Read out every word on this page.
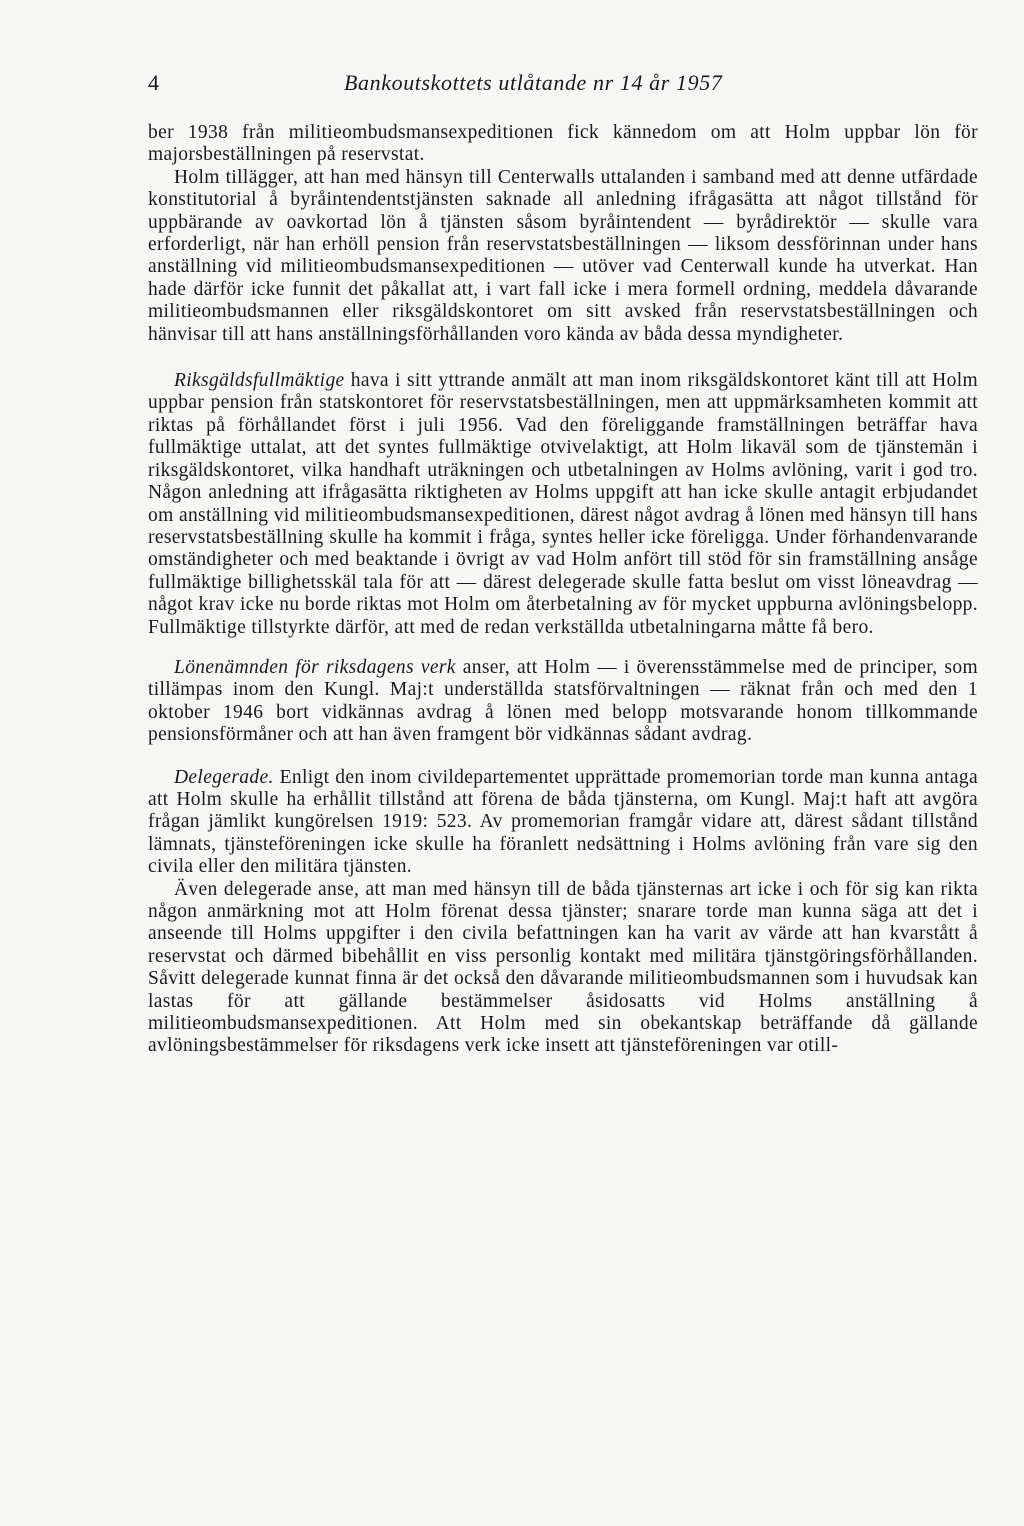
4	Bankoutskottets utlåtande nr 14 år 1957

ber 1938 från militieombudsmansexpeditionen fick kännedom om att Holm uppbar lön för majorsbeställningen på reservstat.

Holm tillägger, att han med hänsyn till Centerwalls uttalanden i samband med att denne utfärdade konstitutorial å byråintendentstjänsten saknade all anledning ifrågasätta att något tillstånd för uppbärande av oavkortad lön å tjänsten såsom byråintendent — byrådirektör — skulle vara erforderligt, när han erhöll pension från reservstatsbeställningen — liksom dessförinnan under hans anställning vid militieombudsmansexpeditionen — utöver vad Centerwall kunde ha utverkat. Han hade därför icke funnit det påkallat att, i vart fall icke i mera formell ordning, meddela dåvarande militieombudsmannen eller riksgäldskontoret om sitt avsked från reservstatsbeställningen och hänvisar till att hans anställningsförhållanden voro kända av båda dessa myndigheter.

Riksgäldsfullmäktige hava i sitt yttrande anmält att man inom riksgäldskontoret känt till att Holm uppbar pension från statskontoret för reservstatsbeställningen, men att uppmärksamheten kommit att riktas på förhållandet först i juli 1956. Vad den föreliggande framställningen beträffar hava fullmäktige uttalat, att det syntes fullmäktige otvivelaktigt, att Holm likaväl som de tjänstemän i riksgäldskontoret, vilka handhaft uträkningen och utbetalningen av Holms avlöning, varit i god tro. Någon anledning att ifrågasätta riktigheten av Holms uppgift att han icke skulle antagit erbjudandet om anställning vid militieombudsmansexpeditionen, därest något avdrag å lönen med hänsyn till hans reservstatsbeställning skulle ha kommit i fråga, syntes heller icke föreligga. Under förhandenvarande omständigheter och med beaktande i övrigt av vad Holm anfört till stöd för sin framställning ansåge fullmäktige billighetsskäl tala för att — därest delegerade skulle fatta beslut om visst löneavdrag — något krav icke nu borde riktas mot Holm om återbetalning av för mycket uppburna avlöningsbelopp. Fullmäktige tillstyrkte därför, att med de redan verkställda utbetalningarna måtte få bero.

Lönenämnden för riksdagens verk anser, att Holm — i överensstämmelse med de principer, som tillämpas inom den Kungl. Maj:t underställda statsförvaltningen — räknat från och med den 1 oktober 1946 bort vidkännas avdrag å lönen med belopp motsvarande honom tillkommande pensionsförmåner och att han även framgent bör vidkännas sådant avdrag.

Delegerade. Enligt den inom civildepartementet upprättade promemorian torde man kunna antaga att Holm skulle ha erhållit tillstånd att förena de båda tjänsterna, om Kungl. Maj:t haft att avgöra frågan jämlikt kungörelsen 1919: 523. Av promemorian framgår vidare att, därest sådant tillstånd lämnats, tjänsteföreningen icke skulle ha föranlett nedsättning i Holms avlöning från vare sig den civila eller den militära tjänsten.

Även delegerade anse, att man med hänsyn till de båda tjänsternas art icke i och för sig kan rikta någon anmärkning mot att Holm förenat dessa tjänster; snarare torde man kunna säga att det i anseende till Holms uppgifter i den civila befattningen kan ha varit av värde att han kvarstått å reservstat och därmed bibehållit en viss personlig kontakt med militära tjänstgöringsförhållanden. Såvitt delegerade kunnat finna är det också den dåvarande militieombudsmannen som i huvudsak kan lastas för att gällande bestämmelser åsidosatts vid Holms anställning å militieombudsmansexpeditionen. Att Holm med sin obekantskap beträffande då gällande avlöningsbestämmelser för riksdagens verk icke insett att tjänsteföreningen var otill-
